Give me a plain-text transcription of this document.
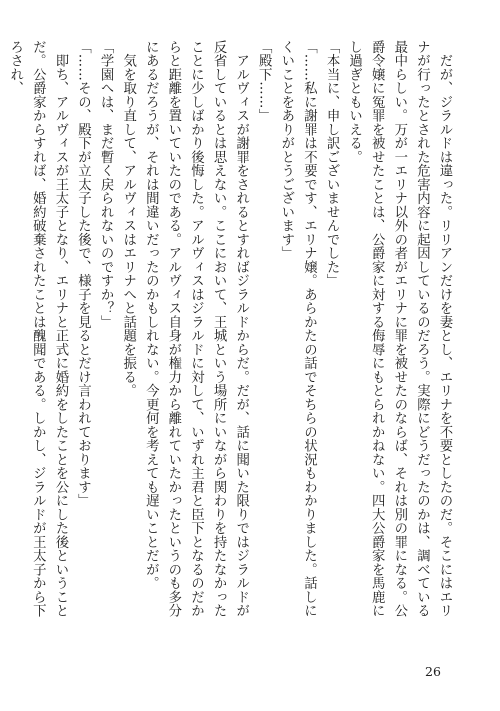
　だが、ジラルドは違った。リリアンだけを妻とし、エリナを不要としたのだ。そこにはエリナが行ったとされた危害内容に起因しているのだろう。実際にどうだったのかは、調べている最中らしい。万が一エリナ以外の者がエリナに罪を被せたのならば、それは別の罪になる。公爵令嬢に冤罪を被せたことは、公爵家に対する侮辱にもとられかねない。四大公爵家を馬鹿にし過ぎともいえる。

「本当に、申し訳ございませんでした」

「……私に謝罪は不要です、エリナ嬢。あらかたの話でそちらの状況もわかりました。話しにくいことをありがとうございます」

「殿下……」

　アルヴィスが謝罪をされるとすればジラルドからだ。だが、話に聞いた限りではジラルドが反省しているとは思えない。ここにおいて、王城という場所にいながら関わりを持たなかったことに少しばかり後悔した。アルヴィスはジラルドに対して、いずれ主君と臣下となるのだからと距離を置いていたのである。アルヴィス自身が権力から離れていたかったというのも多分にあるだろうが、それは間違いだったのかもしれない。今更何を考えても遅いことだが。

　気を取り直して、アルヴィスはエリナへと話題を振る。

「学園へは、まだ暫く戻られないのですか？」

「……その、殿下が立太子した後で、様子を見るとだけ言われております」

　即ち、アルヴィスが王太子となり、エリナと正式に婚約をしたことを公にした後ということだ。公爵家からすれば、婚約破棄されたことは醜聞である。しかし、ジラルドが王太子から下ろされ、

26
